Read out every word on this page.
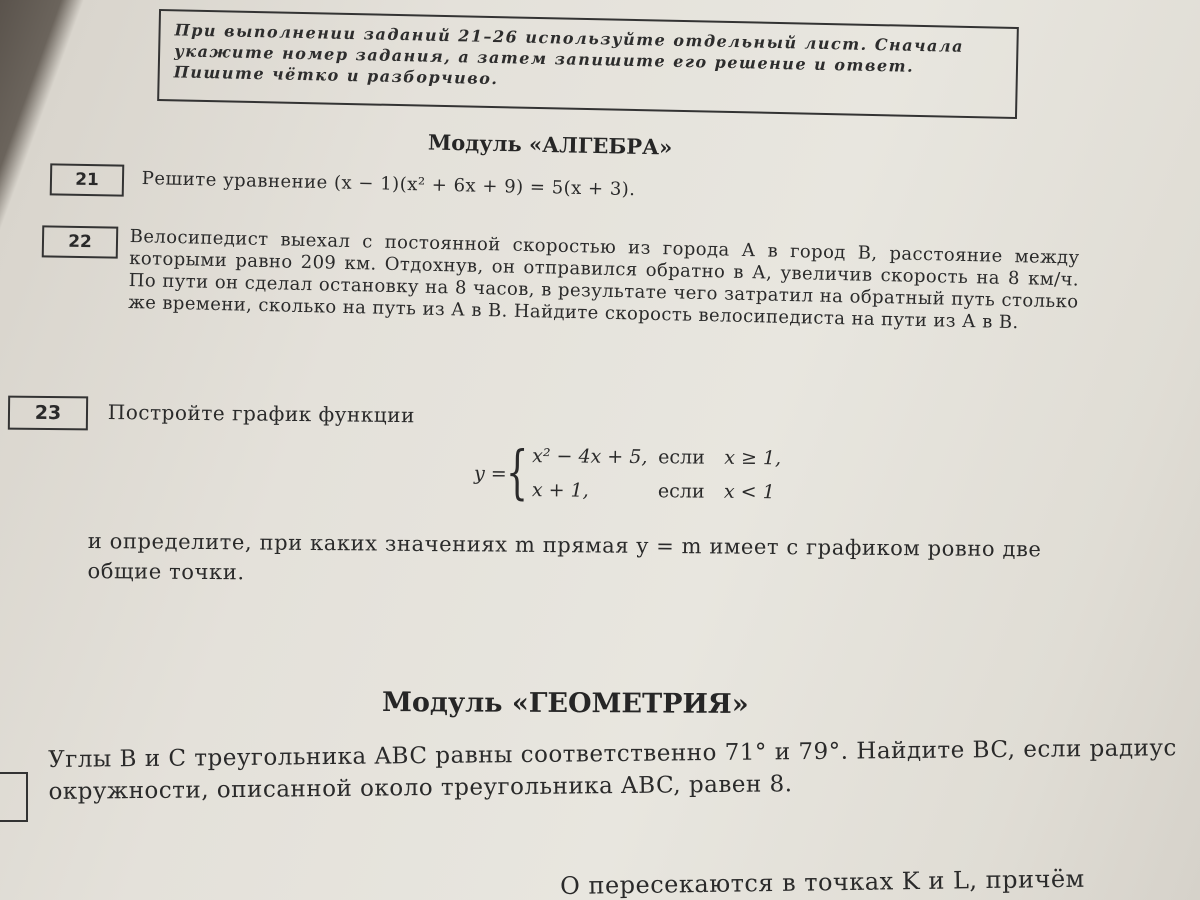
При выполнении заданий 21–26 используйте отдельный лист. Сначала укажите номер задания, а затем запишите его решение и ответ. Пишите чётко и разборчиво.
Модуль «АЛГЕБРА»
21	Решите уравнение (x − 1)(x² + 6x + 9) = 5(x + 3).
22	Велосипедист выехал с постоянной скоростью из города А в город В, расстояние между которыми равно 209 км. Отдохнув, он отправился обратно в А, увеличив скорость на 8 км/ч. По пути он сделал остановку на 8 часов, в результате чего затратил на обратный путь столько же времени, сколько на путь из А в В. Найдите скорость велосипедиста на пути из А в В.
23	Постройте график функции
y =
{ x² − 4x + 5, если x ≥ 1,
x + 1,	если x < 1
и определите, при каких значениях m прямая y = m имеет с графиком ровно две общие точки.
Модуль «ГЕОМЕТРИЯ»
Углы B и C треугольника ABC равны соответственно 71° и 79°. Найдите BC, если радиус окружности, описанной около треугольника ABC, равен 8.
О пересекаются в точках K и L, причём
